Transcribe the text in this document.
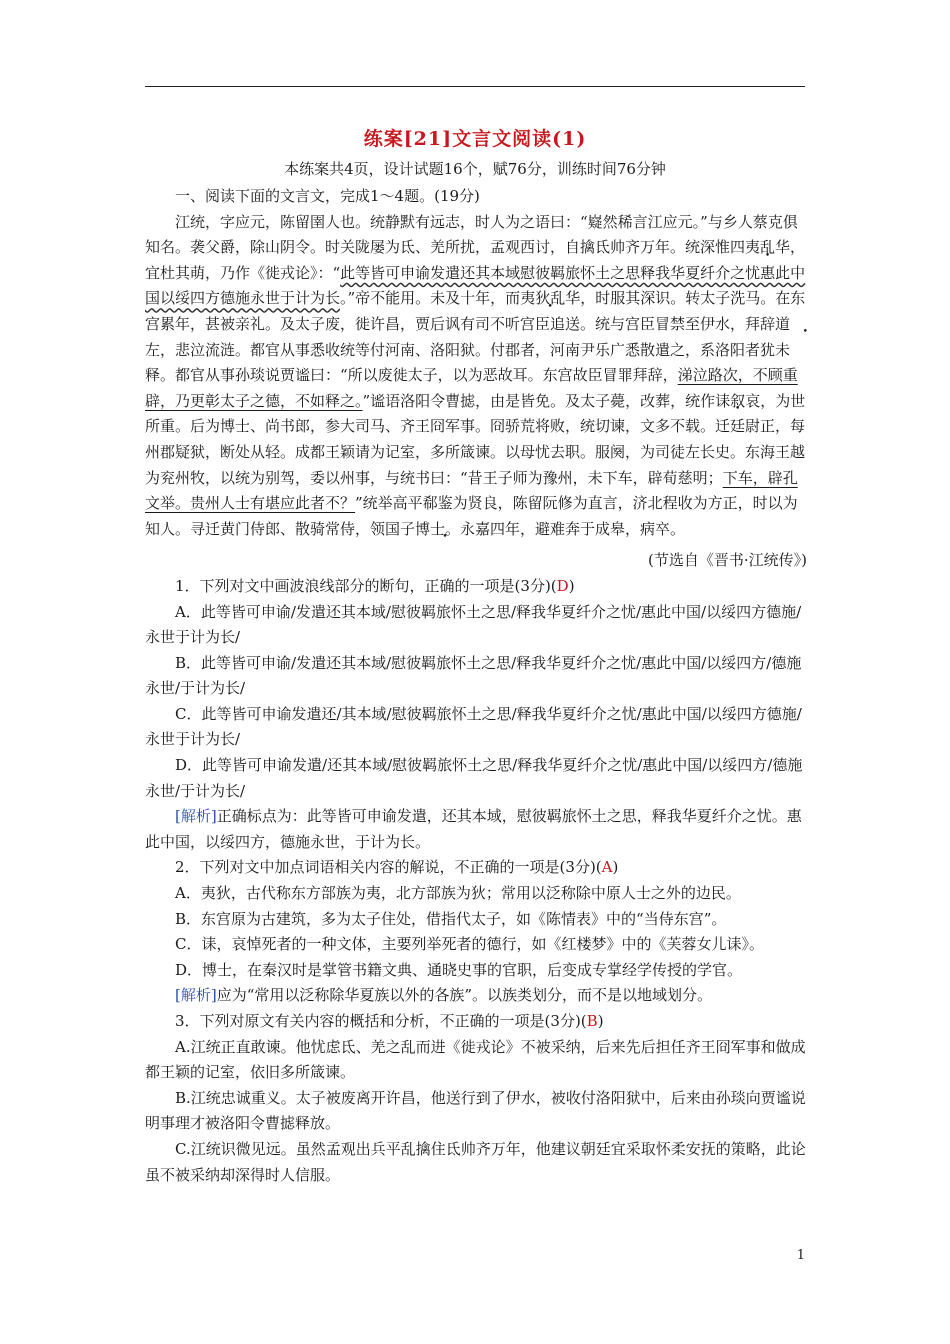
练案[21]文言文阅读(1)
本练案共4页，设计试题16个，赋76分，训练时间76分钟

一、阅读下面的文言文，完成1～4题。(19分)

江统，字应元，陈留圉人也。统静默有远志，时人为之语曰：“嶷然稀言江应元。”与乡人蔡克俱知名。袭父爵，除山阴令。时关陇屡为氐、羌所扰，孟观西讨，自擒氐帅齐万年。统深惟四夷乱华，宜杜其萌，乃作《徙戎论》：“此等皆可申谕发遣还其本域慰彼羁旅怀土之思释我华夏纤介之忧惠此中国以绥四方德施永世于计为长。”帝不能用。未及十年，而夷狄乱华，时服其深识。转太子洗马。在东宫累年，甚被亲礼。及太子废，徙许昌，贾后讽有司不听宫臣追送。统与宫臣冒禁至伊水，拜辞道左，悲泣流涟。都官从事悉收统等付河南、洛阳狱。付郡者，河南尹乐广悉散遣之，系洛阳者犹未释。都官从事孙琰说贾谧曰：“所以废徙太子，以为恶故耳。东宫故臣冒罪拜辞，涕泣路次，不顾重辟，乃更彰太子之德，不如释之。”谧语洛阳令曹摅，由是皆免。及太子薨，改葬，统作诔叙哀，为世所重。后为博士、尚书郎，参大司马、齐王冏军事。冏骄荒将败，统切谏，文多不载。迁廷尉正，每州郡疑狱，断处从轻。成都王颖请为记室，多所箴谏。以母忧去职。服阕，为司徒左长史。东海王越为兖州牧，以统为别驾，委以州事，与统书曰：“昔王子师为豫州，未下车，辟荀慈明；下车，辟孔文举。贵州人士有堪应此者不？”统举高平郗鉴为贤良，陈留阮修为直言，济北程收为方正，时以为知人。寻迁黄门侍郎、散骑常侍，领国子博士。永嘉四年，避难奔于成皋，病卒。

(节选自《晋书·江统传》)

1．下列对文中画波浪线部分的断句，正确的一项是(3分)(D)

A．此等皆可申谕/发遣还其本域/慰彼羁旅怀土之思/释我华夏纤介之忧/惠此中国/以绥四方德施/永世于计为长/

B．此等皆可申谕/发遣还其本域/慰彼羁旅怀土之思/释我华夏纤介之忧/惠此中国/以绥四方/德施永世/于计为长/

C．此等皆可申谕发遣还/其本域/慰彼羁旅怀土之思/释我华夏纤介之忧/惠此中国/以绥四方德施/永世于计为长/

D．此等皆可申谕发遣/还其本域/慰彼羁旅怀土之思/释我华夏纤介之忧/惠此中国/以绥四方/德施永世/于计为长/

[解析]正确标点为：此等皆可申谕发遣，还其本域，慰彼羁旅怀土之思，释我华夏纤介之忧。惠此中国，以绥四方，德施永世，于计为长。

2．下列对文中加点词语相关内容的解说，不正确的一项是(3分)(A)

A．夷狄，古代称东方部族为夷，北方部族为狄；常用以泛称除中原人士之外的边民。

B．东宫原为古建筑，多为太子住处，借指代太子，如《陈情表》中的“当侍东宫”。

C．诔，哀悼死者的一种文体，主要列举死者的德行，如《红楼梦》中的《芙蓉女儿诔》。

D．博士，在秦汉时是掌管书籍文典、通晓史事的官职，后变成专掌经学传授的学官。

[解析]应为“常用以泛称除华夏族以外的各族”。以族类划分，而不是以地域划分。

3．下列对原文有关内容的概括和分析，不正确的一项是(3分)(B)

A.江统正直敢谏。他忧虑氐、羌之乱而进《徙戎论》不被采纳，后来先后担任齐王冏军事和做成都王颖的记室，依旧多所箴谏。

B.江统忠诚重义。太子被废离开许昌，他送行到了伊水，被收付洛阳狱中，后来由孙琰向贾谧说明事理才被洛阳令曹摅释放。

C.江统识微见远。虽然孟观出兵平乱擒住氐帅齐万年，他建议朝廷宜采取怀柔安抚的策略，此论虽不被采纳却深得时人信服。

1
